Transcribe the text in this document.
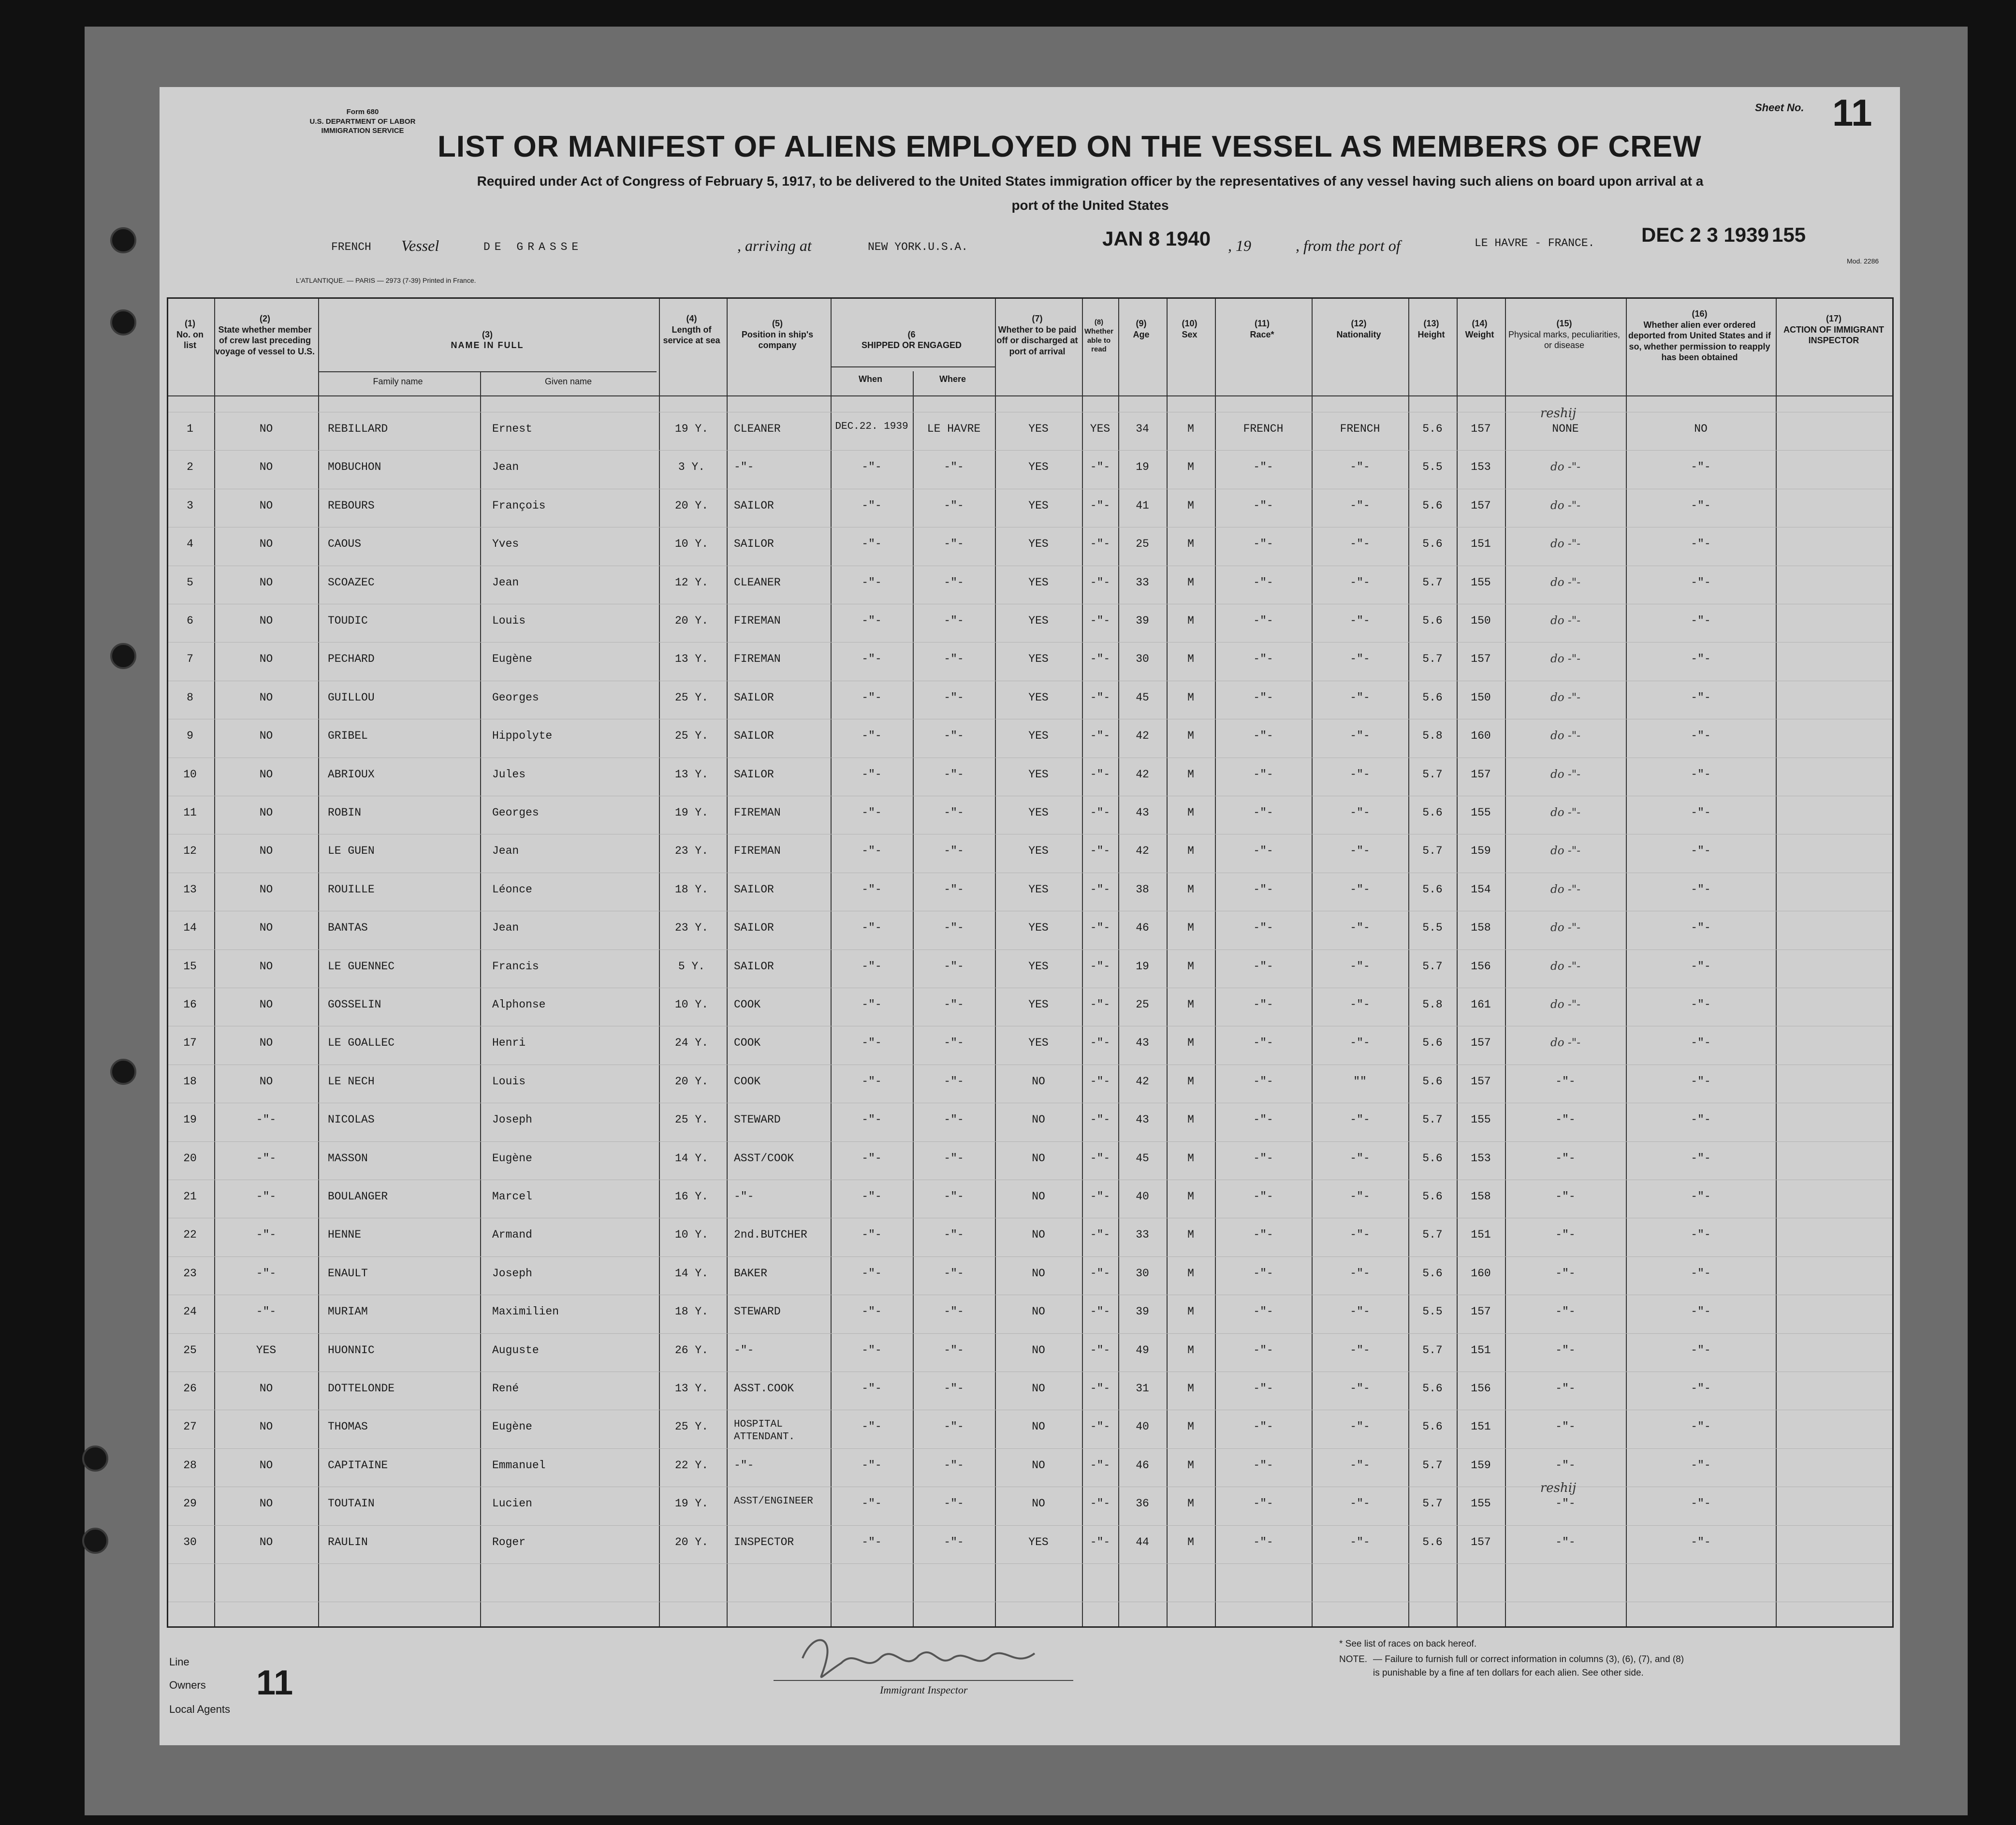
Form 680
U.S. DEPARTMENT OF LABOR
IMMIGRATION SERVICE
Sheet No. 11
LIST OR MANIFEST OF ALIENS EMPLOYED ON THE VESSEL AS MEMBERS OF CREW
Required under Act of Congress of February 5, 1917, to be delivered to the United States immigration officer by the representatives of any vessel having such aliens on board upon arrival at a
port of the United States
FRENCH Vessel	DE GRASSE	, arriving at	NEW YORK.U.S.A.	JAN 8 1940 , 19	, from the port of	LE HAVRE - FRANCE. DEC 2 3 1939 155
Mod. 2286
L'ATLANTIQUE. — PARIS — 2973 (7-39) Printed in France.
(1)
No. on list
(2)
State whether member of crew last preceding voyage of vessel to U.S.
(3)
NAME IN FULL
Family name	Given name
(4)
Length of service at sea
(5)
Position in ship's company
(6
SHIPPED OR ENGAGED
When	Where
(7)
Whether to be paid off or discharged at port of arrival
(8)
Whether able to read
(9)
Age
(10)
Sex
(11)
Race*
(12)
Nationality
(13)
Height
(14)
Weight
(15)
Physical marks, peculiarities, or disease
(16)
Whether alien ever ordered deported from United States and if so, whether permission to reapply has been obtained
(17)
ACTION OF IMMIGRANT INSPECTOR
1	NO	REBILLARD	Ernest	19 Y.	CLEANER	DEC.22. 1939	LE HAVRE	YES	YES	34	M	FRENCH	FRENCH	5.6	157	NONE	NO
reshij
2	NO	MOBUCHON	Jean	3 Y.	-"-	-"-	-"-	YES	-"-	19	M	-"-	-"-	5.5	153	do -"-	-"-
3	NO	REBOURS	François	20 Y.	SAILOR	-"-	-"-	YES	-"-	41	M	-"-	-"-	5.6	157	do -"-	-"-
4	NO	CAOUS	Yves	10 Y.	SAILOR	-"-	-"-	YES	-"-	25	M	-"-	-"-	5.6	151	do -"-	-"-
5	NO	SCOAZEC	Jean	12 Y.	CLEANER	-"-	-"-	YES	-"-	33	M	-"-	-"-	5.7	155	do -"-	-"-
6	NO	TOUDIC	Louis	20 Y.	FIREMAN	-"-	-"-	YES	-"-	39	M	-"-	-"-	5.6	150	do -"-	-"-
7	NO	PECHARD	Eugène	13 Y.	FIREMAN	-"-	-"-	YES	-"-	30	M	-"-	-"-	5.7	157	do -"-	-"-
8	NO	GUILLOU	Georges	25 Y.	SAILOR	-"-	-"-	YES	-"-	45	M	-"-	-"-	5.6	150	do -"-	-"-
9	NO	GRIBEL	Hippolyte	25 Y.	SAILOR	-"-	-"-	YES	-"-	42	M	-"-	-"-	5.8	160	do -"-	-"-
10	NO	ABRIOUX	Jules	13 Y.	SAILOR	-"-	-"-	YES	-"-	42	M	-"-	-"-	5.7	157	do -"-	-"-
11	NO	ROBIN	Georges	19 Y.	FIREMAN	-"-	-"-	YES	-"-	43	M	-"-	-"-	5.6	155	do -"-	-"-
12	NO	LE GUEN	Jean	23 Y.	FIREMAN	-"-	-"-	YES	-"-	42	M	-"-	-"-	5.7	159	do -"-	-"-
13	NO	ROUILLE	Léonce	18 Y.	SAILOR	-"-	-"-	YES	-"-	38	M	-"-	-"-	5.6	154	do -"-	-"-
14	NO	BANTAS	Jean	23 Y.	SAILOR	-"-	-"-	YES	-"-	46	M	-"-	-"-	5.5	158	do -"-	-"-
15	NO	LE GUENNEC	Francis	5 Y.	SAILOR	-"-	-"-	YES	-"-	19	M	-"-	-"-	5.7	156	do -"-	-"-
16	NO	GOSSELIN	Alphonse	10 Y.	COOK	-"-	-"-	YES	-"-	25	M	-"-	-"-	5.8	161	do -"-	-"-
17	NO	LE GOALLEC	Henri	24 Y.	COOK	-"-	-"-	YES	-"-	43	M	-"-	-"-	5.6	157	do -"-	-"-
18	NO	LE NECH	Louis	20 Y.	COOK	-"-	-"-	NO	-"-	42	M	-"-	""	5.6	157	-"-	-"-
19	-"-	NICOLAS	Joseph	25 Y.	STEWARD	-"-	-"-	NO	-"-	43	M	-"-	-"-	5.7	155	-"-	-"-
20	-"-	MASSON	Eugène	14 Y.	ASST/COOK	-"-	-"-	NO	-"-	45	M	-"-	-"-	5.6	153	-"-	-"-
21	-"-	BOULANGER	Marcel	16 Y.	-"-	-"-	-"-	NO	-"-	40	M	-"-	-"-	5.6	158	-"-	-"-
22	-"-	HENNE	Armand	10 Y.	2nd.BUTCHER	-"-	-"-	NO	-"-	33	M	-"-	-"-	5.7	151	-"-	-"-
23	-"-	ENAULT	Joseph	14 Y.	BAKER	-"-	-"-	NO	-"-	30	M	-"-	-"-	5.6	160	-"-	-"-
24	-"-	MURIAM	Maximilien	18 Y.	STEWARD	-"-	-"-	NO	-"-	39	M	-"-	-"-	5.5	157	-"-	-"-
25	YES	HUONNIC	Auguste	26 Y.	-"-	-"-	-"-	NO	-"-	49	M	-"-	-"-	5.7	151	-"-	-"-
26	NO	DOTTELONDE	René	13 Y.	ASST.COOK	-"-	-"-	NO	-"-	31	M	-"-	-"-	5.6	156	-"-	-"-
27	NO	THOMAS	Eugène	25 Y.	HOSPITAL ATTENDANT.
-"-	-"-	NO	-"-	40	M	-"-	-"-	5.6	151	-"-	-"-
28	NO	CAPITAINE	Emmanuel	22 Y.	-"-	-"-	-"-	NO	-"-	46	M	-"-	-"-	5.7	159	-"-	-"-
29	NO	TOUTAIN	Lucien	19 Y.	ASST/ENGINEER	-"-	-"-	NO	-"-	36	M	-"-	-"-	5.7	155	-"-	-"-
reshij
30	NO	RAULIN	Roger	20 Y.	INSPECTOR	-"-	-"-	YES	-"-	44	M	-"-	-"-	5.6	157	-"-	-"-
Line
Owners 11
Local Agents
Immigrant Inspector
* See list of races on back hereof.
NOTE. — Failure to furnish full or correct information in columns (3), (6), (7), and (8)
is punishable by a fine af ten dollars for each alien. See other side.
